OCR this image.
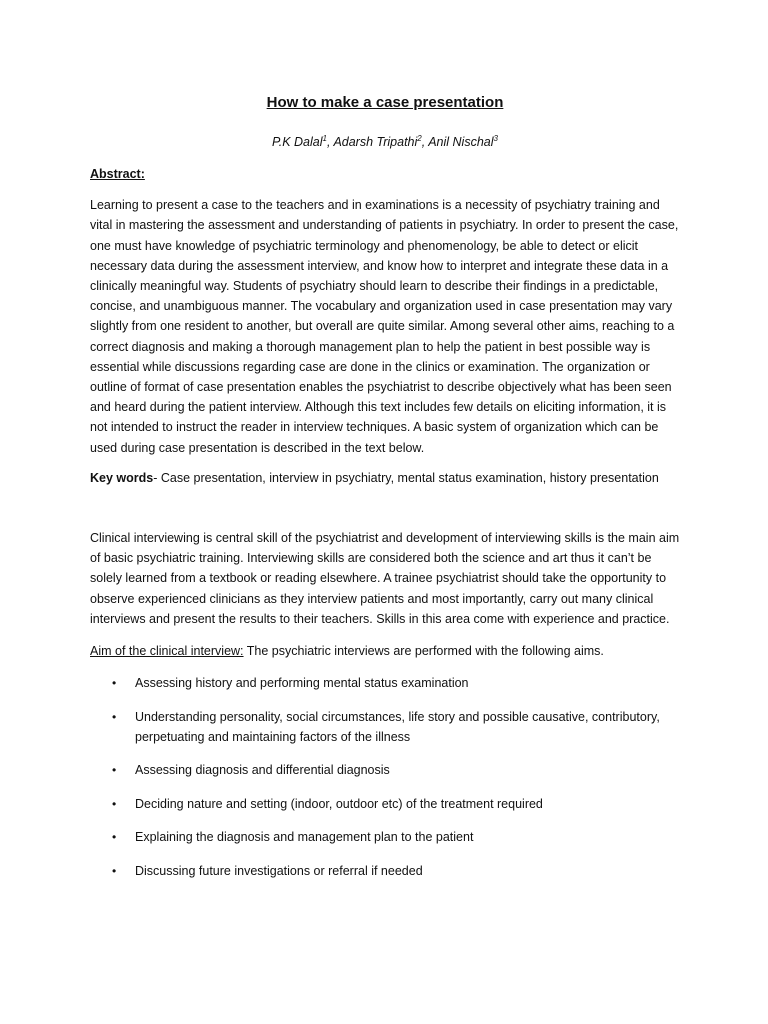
How to make a case presentation
P.K Dalal$^1$, Adarsh Tripathi$^2$, Anil Nischal$^3$
Abstract:

Learning to present a case to the teachers and in examinations is a necessity of psychiatry training and vital in mastering the assessment and understanding of patients in psychiatry. In order to present the case, one must have knowledge of psychiatric terminology and phenomenology, be able to detect or elicit necessary data during the assessment interview, and know how to interpret and integrate these data in a clinically meaningful way. Students of psychiatry should learn to describe their findings in a predictable, concise, and unambiguous manner. The vocabulary and organization used in case presentation may vary slightly from one resident to another, but overall are quite similar. Among several other aims, reaching to a correct diagnosis and making a thorough management plan to help the patient in best possible way is essential while discussions regarding case are done in the clinics or examination. The organization or outline of format of case presentation enables the psychiatrist to describe objectively what has been seen and heard during the patient interview. Although this text includes few details on eliciting information, it is not intended to instruct the reader in interview techniques. A basic system of organization which can be used during case presentation is described in the text below.

Key words- Case presentation, interview in psychiatry, mental status examination, history presentation

Clinical interviewing is central skill of the psychiatrist and development of interviewing skills is the main aim of basic psychiatric training. Interviewing skills are considered both the science and art thus it can’t be solely learned from a textbook or reading elsewhere. A trainee psychiatrist should take the opportunity to observe experienced clinicians as they interview patients and most importantly, carry out many clinical interviews and present the results to their teachers. Skills in this area come with experience and practice.

Aim of the clinical interview: The psychiatric interviews are performed with the following aims.

• Assessing history and performing mental status examination
• Understanding personality, social circumstances, life story and possible causative, contributory, perpetuating and maintaining factors of the illness
• Assessing diagnosis and differential diagnosis
• Deciding nature and setting (indoor, outdoor etc) of the treatment required
• Explaining the diagnosis and management plan to the patient
• Discussing future investigations or referral if needed
